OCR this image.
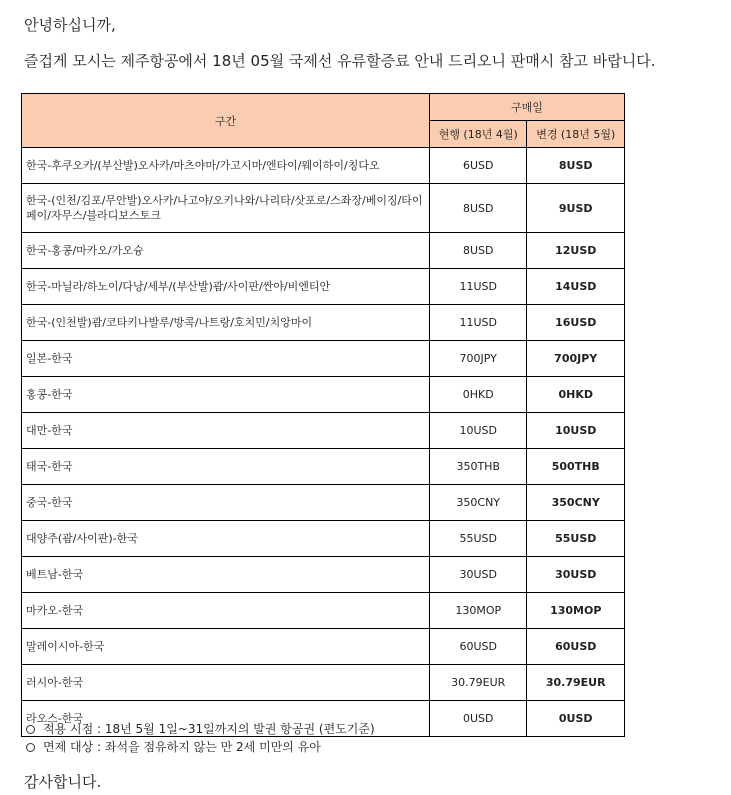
안녕하십니까,
즐겁게 모시는 제주항공에서 18년 05월 국제선 유류할증료 안내 드리오니 판매시 참고 바랍니다.
구간	구매일	
	현행 (18년 4월)	변경 (18년 5월)
한국-후쿠오카/(부산발)오사카/마츠야마/가고시마/엔타이/웨이하이/칭다오	6USD	8USD
한국-(인천/김포/무안발)오사카/나고야/오키나와/나리타/삿포로/스좌장/베이징/타이페이/자무스/블라디보스토크	8USD	9USD
한국-홍콩/마카오/가오슝	8USD	12USD
한국-마닐라/하노이/다낭/세부/(부산발)괌/사이판/싼야/비엔티안	11USD	14USD
한국-(인천발)괌/코타키나발루/방콕/나트랑/호치민/치앙마이	11USD	16USD
일본-한국	700JPY	700JPY
홍콩-한국	0HKD	0HKD
대만-한국	10USD	10USD
태국-한국	350THB	500THB
중국-한국	350CNY	350CNY
대양주(괌/사이판)-한국	55USD	55USD
베트남-한국	30USD	30USD
마카오-한국	130MOP	130MOP
말레이시아-한국	60USD	60USD
러시아-한국	30.79EUR	30.79EUR
라오스-한국	0USD	0USD
적용 시점 : 18년 5월 1일~31일까지의 발권 항공권 (편도기준)
면제 대상 : 좌석을 점유하지 않는 만 2세 미만의 유아
감사합니다.
